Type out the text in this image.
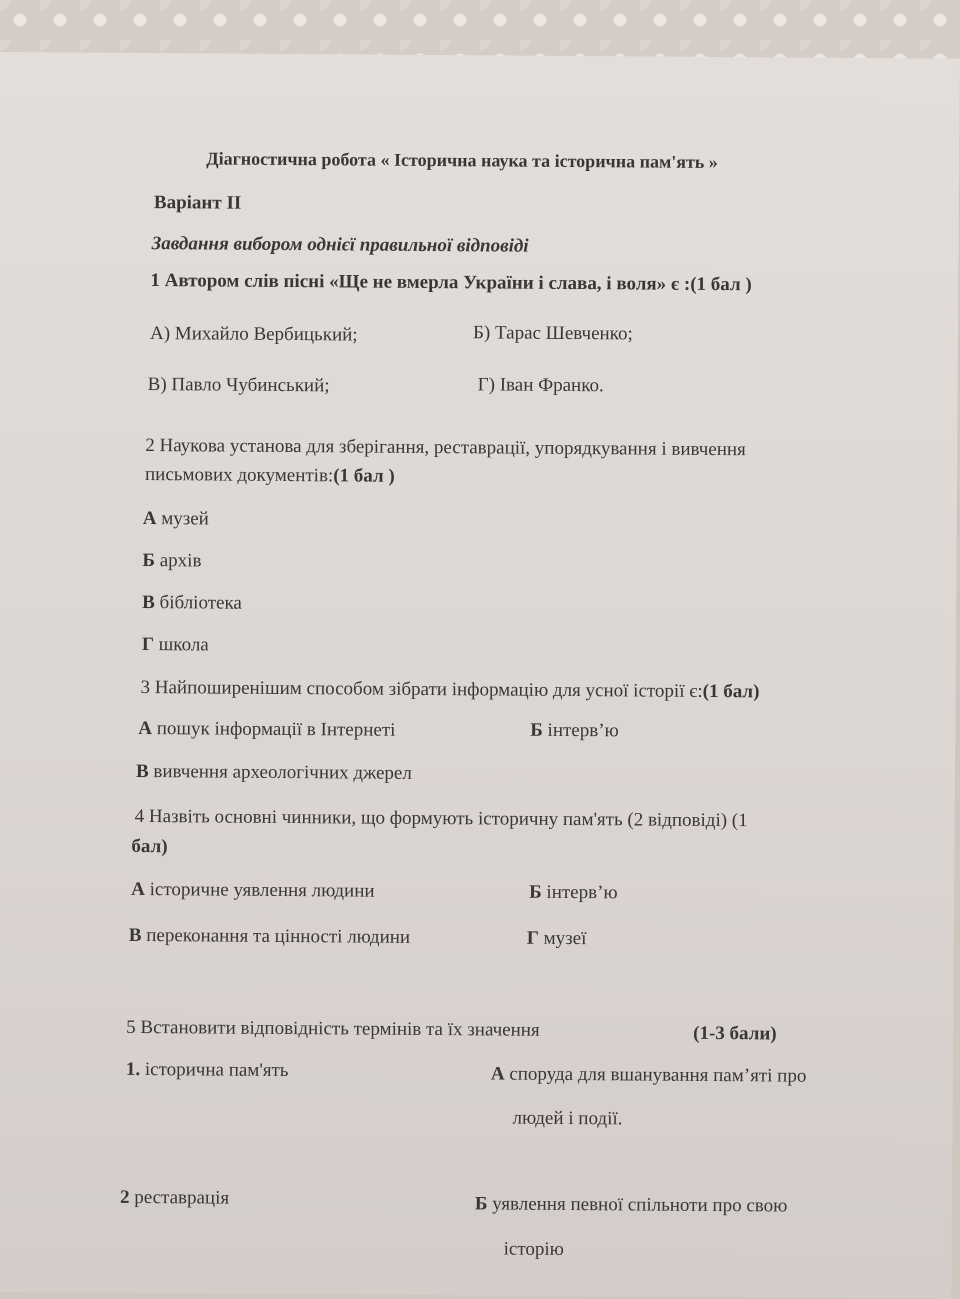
Діагностична робота « Історична наука та історична пам'ять »
Варіант ІІ
Завдання вибором однієї правильної відповіді
1 Автором слів пісні «Ще не вмерла України і слава, і воля» є :(1 бал )
А) Михайло Вербицький;	Б) Тарас Шевченко;
В) Павло Чубинський;	Г) Іван Франко.
2 Наукова установа для зберігання, реставрації, упорядкування і вивчення
письмових документів:(1 бал )
А музей
Б архів
В бібліотека
Г школа
3 Найпоширенішим способом зібрати інформацію для усної історії є:(1 бал)
А пошук інформації в Інтернеті	Б інтерв’ю
В вивчення археологічних джерел
4 Назвіть основні чинники, що формують історичну пам'ять (2 відповіді) (1
бал)
А історичне уявлення людини	Б інтерв’ю
В переконання та цінності людини	Г музеї
5 Встановити відповідність термінів та їх значення	(1-3 бали)
1. історична пам'ять	А споруда для вшанування пам’яті про
людей і події.
2 реставрація	Б уявлення певної спільноти про свою
історію
